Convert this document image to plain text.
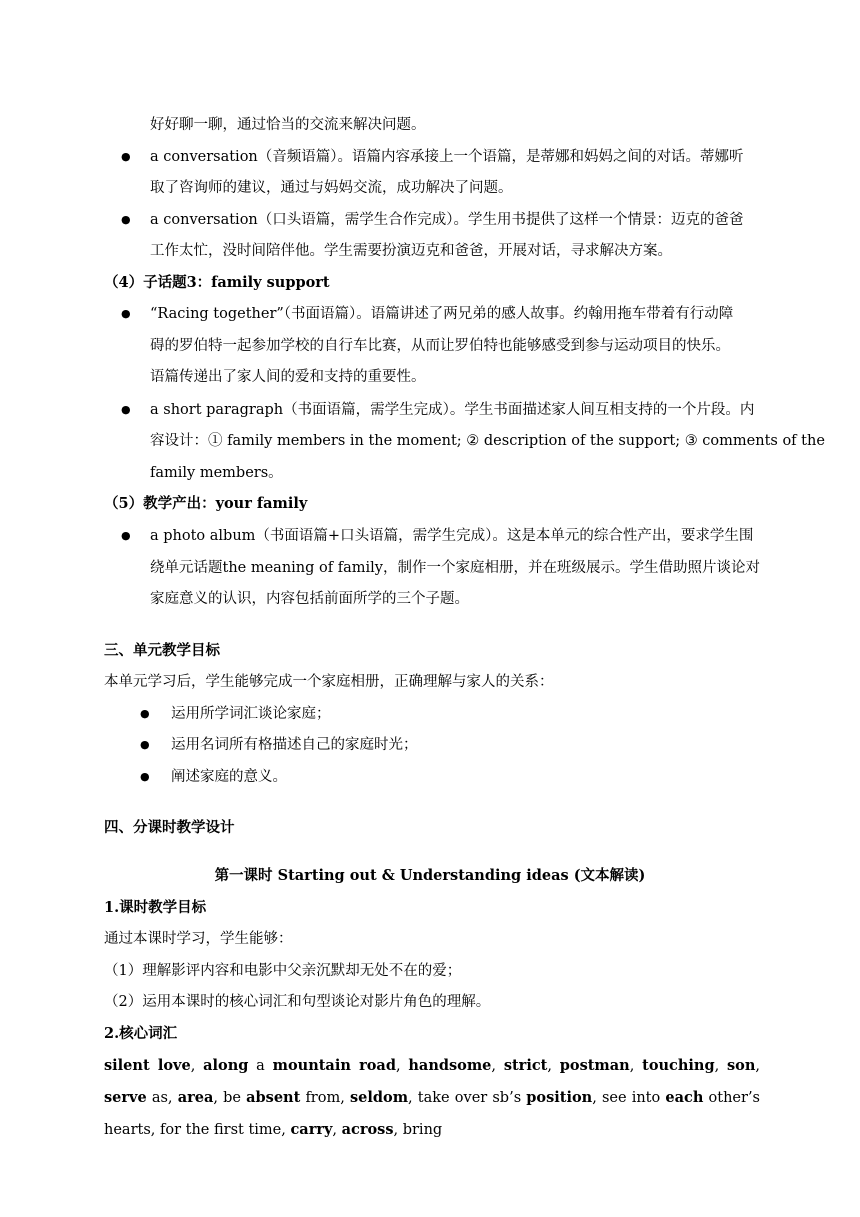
好好聊一聊，通过恰当的交流来解决问题。
● a conversation（音频语篇）。语篇内容承接上一个语篇，是蒂娜和妈妈之间的对话。蒂娜听
取了咨询师的建议，通过与妈妈交流，成功解决了问题。
● a conversation（口头语篇，需学生合作完成）。学生用书提供了这样一个情景：迈克的爸爸
工作太忙，没时间陪伴他。学生需要扮演迈克和爸爸，开展对话，寻求解决方案。
（4）子话题3：family support
● “Racing together”（书面语篇）。语篇讲述了两兄弟的感人故事。约翰用拖车带着有行动障
碍的罗伯特一起参加学校的自行车比赛，从而让罗伯特也能够感受到参与运动项目的快乐。
语篇传递出了家人间的爱和支持的重要性。
● a short paragraph（书面语篇，需学生完成）。学生书面描述家人间互相支持的一个片段。内
容设计：① family members in the moment; ② description of the support; ③ comments of the
family members。
（5）教学产出：your family
● a photo album（书面语篇+口头语篇，需学生完成）。这是本单元的综合性产出，要求学生围
绕单元话题the meaning of family，制作一个家庭相册，并在班级展示。学生借助照片谈论对
家庭意义的认识，内容包括前面所学的三个子题。
三、单元教学目标
本单元学习后，学生能够完成一个家庭相册，正确理解与家人的关系：
● 运用所学词汇谈论家庭；
● 运用名词所有格描述自己的家庭时光；
● 阐述家庭的意义。
四、分课时教学设计
第一课时 Starting out & Understanding ideas (文本解读)
1.课时教学目标
通过本课时学习，学生能够：
（1）理解影评内容和电影中父亲沉默却无处不在的爱；
（2）运用本课时的核心词汇和句型谈论对影片角色的理解。
2.核心词汇
silent love, along a mountain road, handsome, strict, postman, touching, son, serve as, area, be absent from, seldom, take over sb’s position, see into each other’s hearts, for the first time, carry, across, bring
